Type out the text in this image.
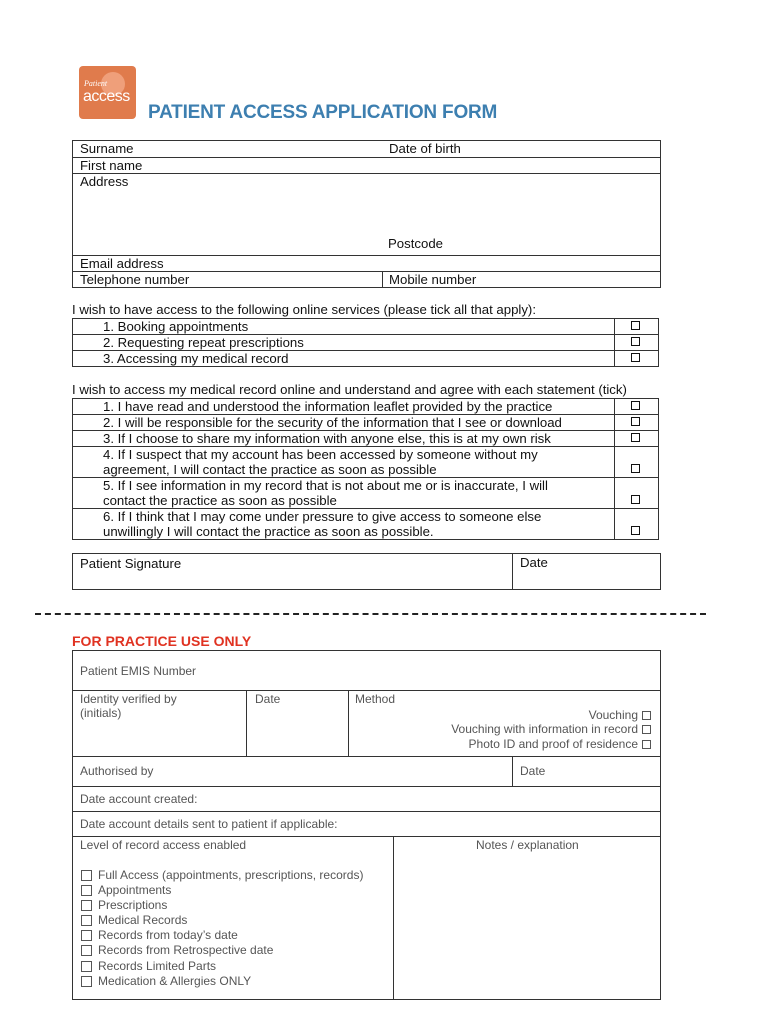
Patient
access
PATIENT ACCESS APPLICATION FORM
Surname	Date of birth
First name
Address
Postcode
Email address
Telephone number	Mobile number
I wish to have access to the following online services (please tick all that apply):
1. Booking appointments
2. Requesting repeat prescriptions
3. Accessing my medical record
I wish to access my medical record online and understand and agree with each statement (tick)
1. I have read and understood the information leaflet provided by the practice
2. I will be responsible for the security of the information that I see or download
3. If I choose to share my information with anyone else, this is at my own risk
4. If I suspect that my account has been accessed by someone without my
agreement, I will contact the practice as soon as possible
5. If I see information in my record that is not about me or is inaccurate, I will
contact the practice as soon as possible
6. If I think that I may come under pressure to give access to someone else
unwillingly I will contact the practice as soon as possible.
Patient Signature	Date
FOR PRACTICE USE ONLY
Patient EMIS Number
Identity verified by
(initials)
Date	Method
Vouching
Vouching with information in record
Photo ID and proof of residence
Authorised by	Date
Date account created:
Date account details sent to patient if applicable:
Level of record access enabled	Notes / explanation
Full Access (appointments, prescriptions, records)
Appointments
Prescriptions
Medical Records
Records from today’s date
Records from Retrospective date
Records Limited Parts
Medication & Allergies ONLY
